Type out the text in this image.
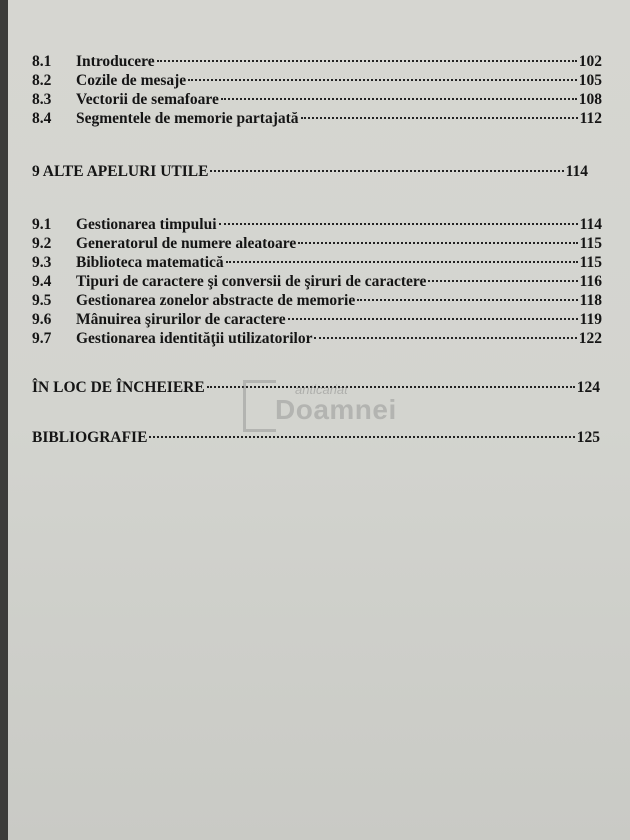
8.1	Introducere	102
8.2	Cozile de mesaje	105
8.3	Vectorii de semafoare	108
8.4	Segmentele de memorie partajată	112
9 ALTE APELURI UTILE	114
9.1	Gestionarea timpului	114
9.2	Generatorul de numere aleatoare	115
9.3	Biblioteca matematică	115
9.4	Tipuri de caractere şi conversii de şiruri de caractere	116
9.5	Gestionarea zonelor abstracte de memorie	118
9.6	Mânuirea şirurilor de caractere	119
9.7	Gestionarea identităţii utilizatorilor	122
ÎN LOC DE ÎNCHEIERE	124
BIBLIOGRAFIE	125
anticariat
Doamnei
